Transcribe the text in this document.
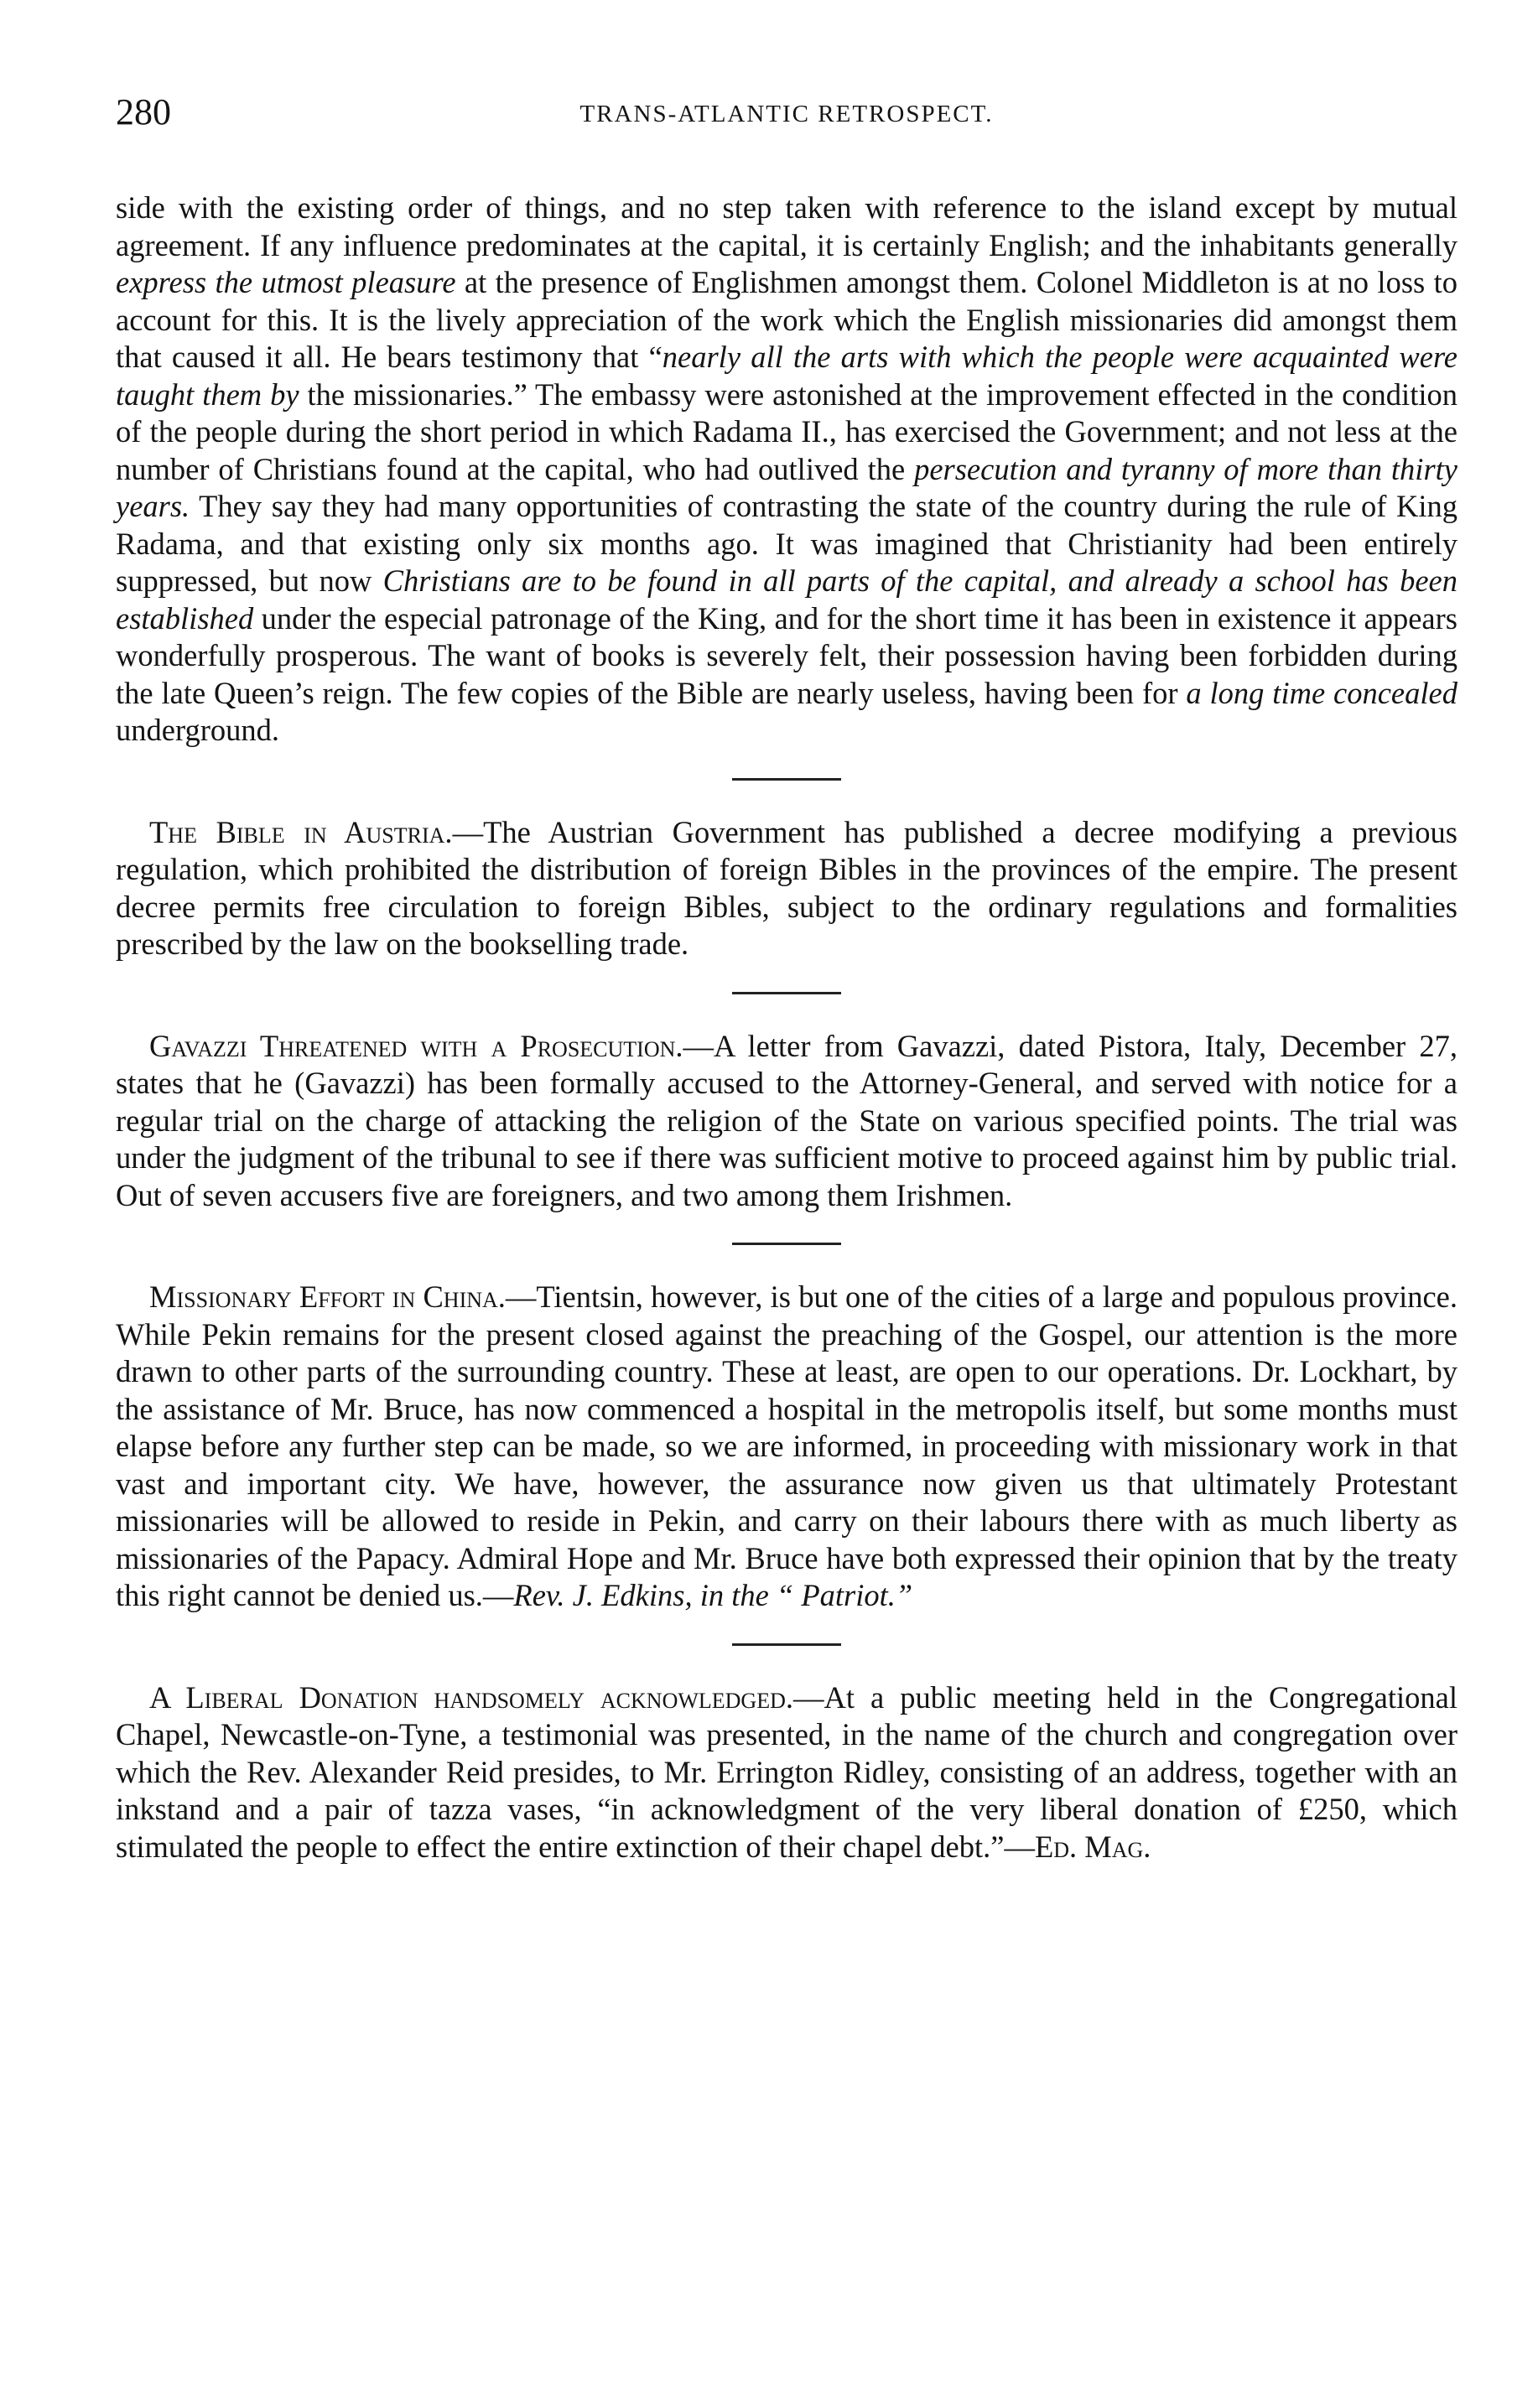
280	TRANS-ATLANTIC RETROSPECT.

side with the existing order of things, and no step taken with reference to the island except by mutual agreement. If any influence predominates at the capital, it is certainly English; and the inhabitants generally express the utmost pleasure at the presence of Englishmen amongst them. Colonel Middleton is at no loss to account for this. It is the lively appreciation of the work which the English missionaries did amongst them that caused it all. He bears testimony that “nearly all the arts with which the people were acquainted were taught them by the missionaries.” The embassy were astonished at the improvement effected in the condition of the people during the short period in which Radama II., has exercised the Government; and not less at the number of Christians found at the capital, who had outlived the persecution and tyranny of more than thirty years. They say they had many opportunities of contrasting the state of the country during the rule of King Radama, and that existing only six months ago. It was imagined that Christianity had been entirely suppressed, but now Christians are to be found in all parts of the capital, and already a school has been established under the especial patronage of the King, and for the short time it has been in existence it appears wonderfully prosperous. The want of books is severely felt, their possession having been forbidden during the late Queen’s reign. The few copies of the Bible are nearly useless, having been for a long time concealed underground.

The Bible in Austria.—The Austrian Government has published a decree modifying a previous regulation, which prohibited the distribution of foreign Bibles in the provinces of the empire. The present decree permits free circulation to foreign Bibles, subject to the ordinary regulations and formalities prescribed by the law on the bookselling trade.

Gavazzi Threatened with a Prosecution.—A letter from Gavazzi, dated Pistora, Italy, December 27, states that he (Gavazzi) has been formally accused to the Attorney-General, and served with notice for a regular trial on the charge of attacking the religion of the State on various specified points. The trial was under the judgment of the tribunal to see if there was sufficient motive to proceed against him by public trial. Out of seven accusers five are foreigners, and two among them Irishmen.

Missionary Effort in China.—Tientsin, however, is but one of the cities of a large and populous province. While Pekin remains for the present closed against the preaching of the Gospel, our attention is the more drawn to other parts of the surrounding country. These at least, are open to our operations. Dr. Lockhart, by the assistance of Mr. Bruce, has now commenced a hospital in the metropolis itself, but some months must elapse before any further step can be made, so we are informed, in proceeding with missionary work in that vast and important city. We have, however, the assurance now given us that ultimately Protestant missionaries will be allowed to reside in Pekin, and carry on their labours there with as much liberty as missionaries of the Papacy. Admiral Hope and Mr. Bruce have both expressed their opinion that by the treaty this right cannot be denied us.—Rev. J. Edkins, in the “ Patriot.”

A Liberal Donation handsomely acknowledged.—At a public meeting held in the Congregational Chapel, Newcastle-on-Tyne, a testimonial was presented, in the name of the church and congregation over which the Rev. Alexander Reid presides, to Mr. Errington Ridley, consisting of an address, together with an inkstand and a pair of tazza vases, “in acknowledgment of the very liberal donation of £250, which stimulated the people to effect the entire extinction of their chapel debt.”—Ed. Mag.
